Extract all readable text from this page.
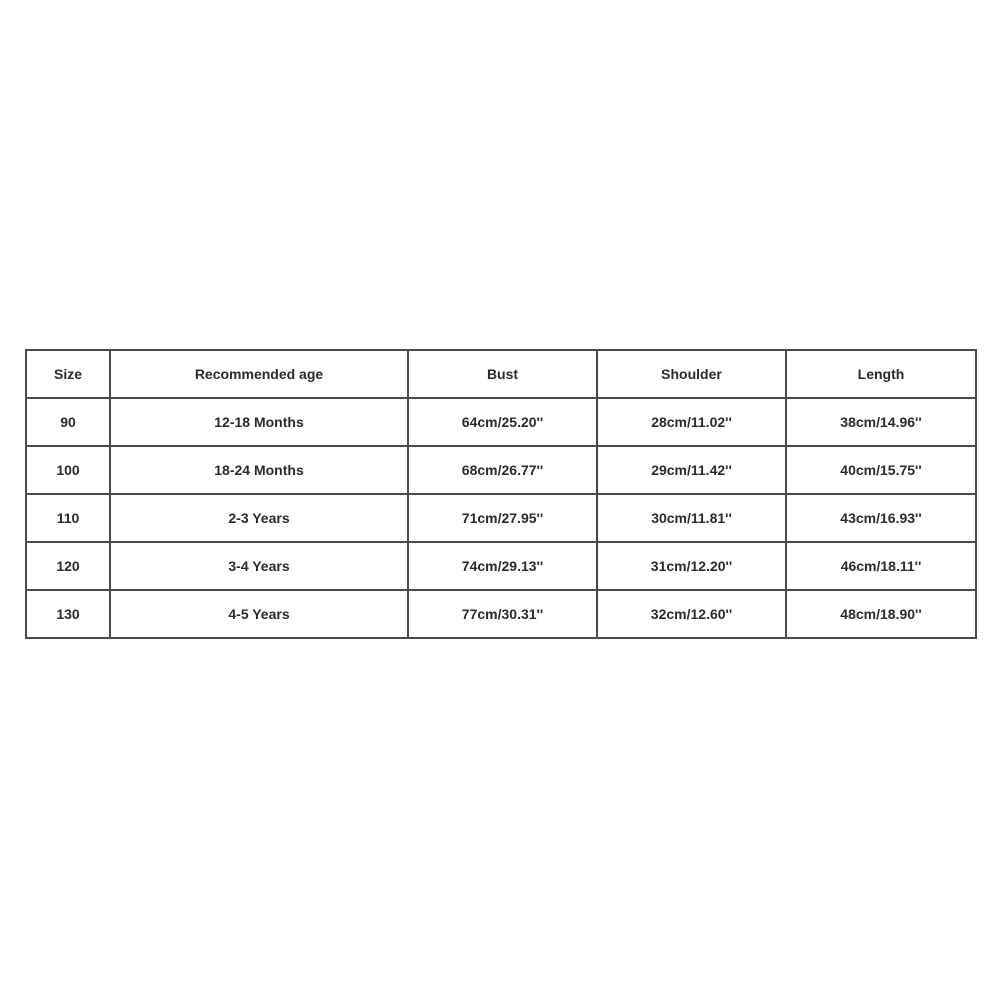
Size	Recommended age	Bust	Shoulder	Length
90	12-18 Months	64cm/25.20''	28cm/11.02''	38cm/14.96''
100	18-24 Months	68cm/26.77''	29cm/11.42''	40cm/15.75''
110	2-3 Years	71cm/27.95''	30cm/11.81''	43cm/16.93''
120	3-4 Years	74cm/29.13''	31cm/12.20''	46cm/18.11''
130	4-5 Years	77cm/30.31''	32cm/12.60''	48cm/18.90''
